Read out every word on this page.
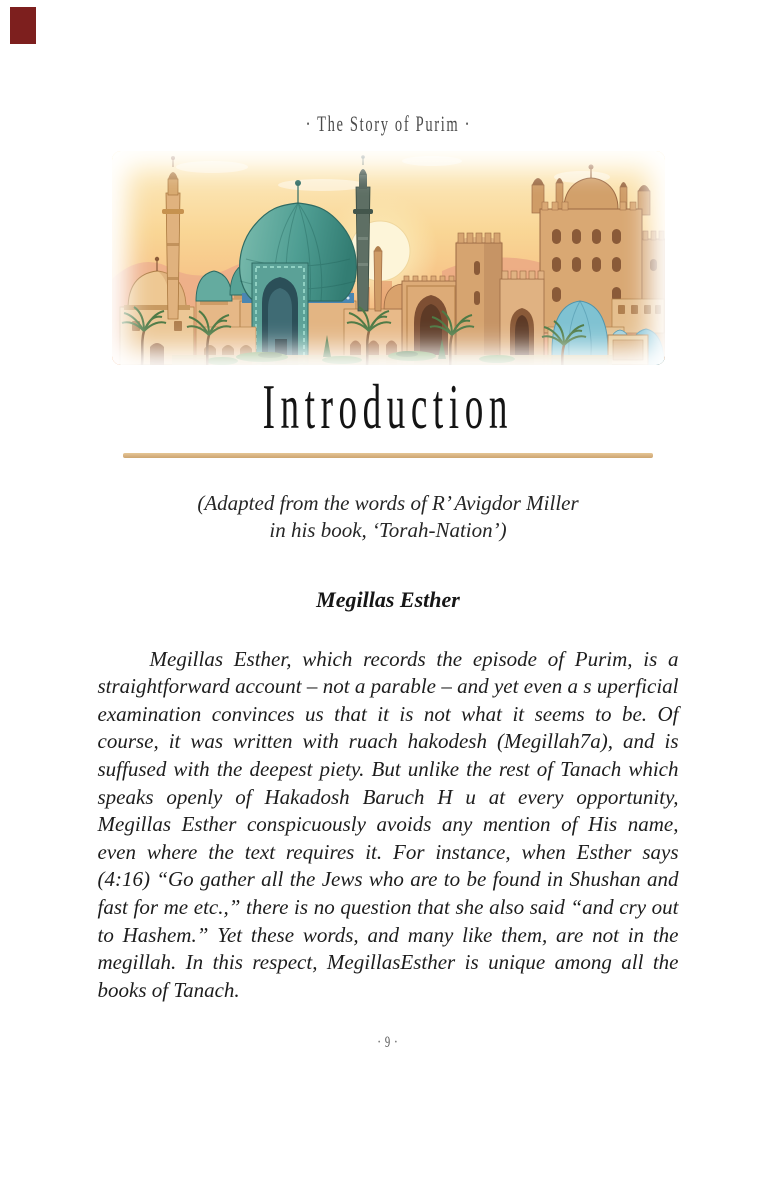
· The Story of Purim ·
Introduction
(Adapted from the words of R’ Avigdor Miller
in his book, ‘Torah-Nation’)
Megillas Esther

Megillas Esther, which records the episode of Purim, is a straightforward account – not a parable – and yet even a s uperficial examination convinces us that it is not what it seems to be. Of course, it was written with ruach hakodesh (Megillah7a), and is suffused with the deepest piety. But unlike the rest of Tanach which speaks openly of Hakadosh Baruch H u at every opportunity, Megillas Esther conspicuously avoids any mention of His name, even where the text requires it. For instance, when Esther says (4:16) “Go gather all the Jews who are to be found in Shushan and fast for me etc.,” there is no question that she also said “and cry out to Hashem.” Yet these words, and many like them, are not in the megillah. In this respect, MegillasEsther is unique among all the books of Tanach.

· 9 ·
